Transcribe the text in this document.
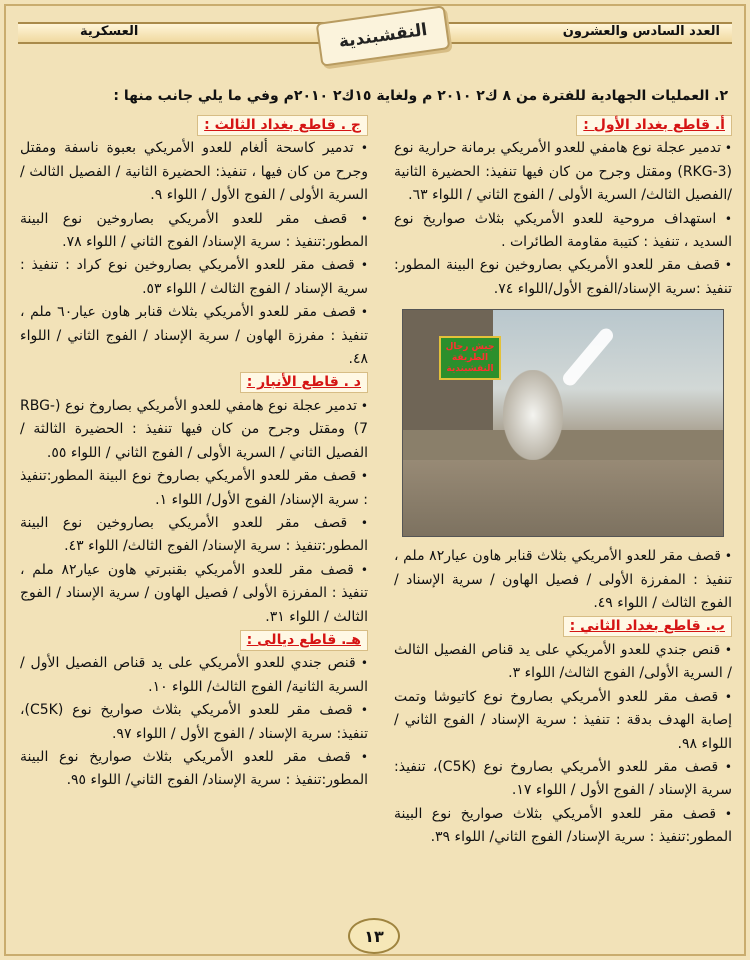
العدد السادس والعشرون
العسكرية	النقشبندية
٢. العمليات الجهادية للفترة من ٨ ك٢ ٢٠١٠ م ولغاية ١٥ك٢ ٢٠١٠م وفي ما يلي جانب منها :
أ. قاطع بغداد الأول :
• تدمير عجلة نوع هامفي للعدو الأمريكي برمانة حرارية نوع (RKG-3) ومقتل وجرح من كان فيها تنفيذ: الحضيرة الثانية /الفصيل الثالث/ السرية الأولى / الفوج الثاني / اللواء ٦٣.
• استهداف مروحية للعدو الأمريكي بثلاث صواريخ نوع السديد ، تنفيذ : كتيبة مقاومة الطائرات .
• قصف مقر للعدو الأمريكي بصاروخين نوع البينة المطور: تنفيذ :سرية الإسناد/الفوج الأول/اللواء ٧٤.
جيش رجال الطريقة النقشبندية
• قصف مقر للعدو الأمريكي بثلاث قنابر هاون عيار٨٢ ملم ، تنفيذ : المفرزة الأولى / فصيل الهاون / سرية الإسناد / الفوج الثالث / اللواء ٤٩.
ب. قاطع بغداد الثاني :
• قنص جندي للعدو الأمريكي على يد قناص الفصيل الثالث / السرية الأولى/ الفوج الثالث/ اللواء ٣.
• قصف مقر للعدو الأمريكي بصاروخ نوع كاتيوشا وتمت إصابة الهدف بدقة : تنفيذ : سرية الإسناد / الفوج الثاني / اللواء ٩٨.
• قصف مقر للعدو الأمريكي بصاروخ نوع (C5K)، تنفيذ: سرية الإسناد / الفوج الأول / اللواء ١٧.
• قصف مقر للعدو الأمريكي بثلاث صواريخ نوع البينة المطور:تنفيذ : سرية الإسناد/ الفوج الثاني/ اللواء ٣٩.
ج . قاطع بغداد الثالث :
• تدمير كاسحة ألغام للعدو الأمريكي بعبوة ناسفة ومقتل وجرح من كان فيها ، تنفيذ: الحضيرة الثانية / الفصيل الثالث / السرية الأولى / الفوج الأول / اللواء ٩.
• قصف مقر للعدو الأمريكي بصاروخين نوع البينة المطور:تنفيذ : سرية الإسناد/ الفوج الثاني / اللواء ٧٨.
• قصف مقر للعدو الأمريكي بصاروخين نوع كراد : تنفيذ : سرية الإسناد / الفوج الثالث / اللواء ٥٣.
• قصف مقر للعدو الأمريكي بثلاث قنابر هاون عيار٦٠ ملم ، تنفيذ : مفرزة الهاون / سرية الإسناد / الفوج الثاني / اللواء ٤٨.
د . قاطع الأنبار :
• تدمير عجلة نوع هامفي للعدو الأمريكي بصاروخ نوع (RBG-7) ومقتل وجرح من كان فيها تنفيذ : الحضيرة الثالثة / الفصيل الثاني / السرية الأولى / الفوج الثاني / اللواء ٥٥.
• قصف مقر للعدو الأمريكي بصاروخ نوع البينة المطور:تنفيذ : سرية الإسناد/ الفوج الأول/ اللواء ١.
• قصف مقر للعدو الأمريكي بصاروخين نوع البينة المطور:تنفيذ : سرية الإسناد/ الفوج الثالث/ اللواء ٤٣.
• قصف مقر للعدو الأمريكي بقنبرتي هاون عيار٨٢ ملم ، تنفيذ : المفرزة الأولى / فصيل الهاون / سرية الإسناد / الفوج الثالث / اللواء ٣١.
هـ. قاطع ديالى :
• قنص جندي للعدو الأمريكي على يد قناص الفصيل الأول / السرية الثانية/ الفوج الثالث/ اللواء ١٠.
• قصف مقر للعدو الأمريكي بثلاث صواريخ نوع (C5K)، تنفيذ: سرية الإسناد / الفوج الأول / اللواء ٩٧.
• قصف مقر للعدو الأمريكي بثلاث صواريخ نوع البينة المطور:تنفيذ : سرية الإسناد/ الفوج الثاني/ اللواء ٩٥.
١٣
